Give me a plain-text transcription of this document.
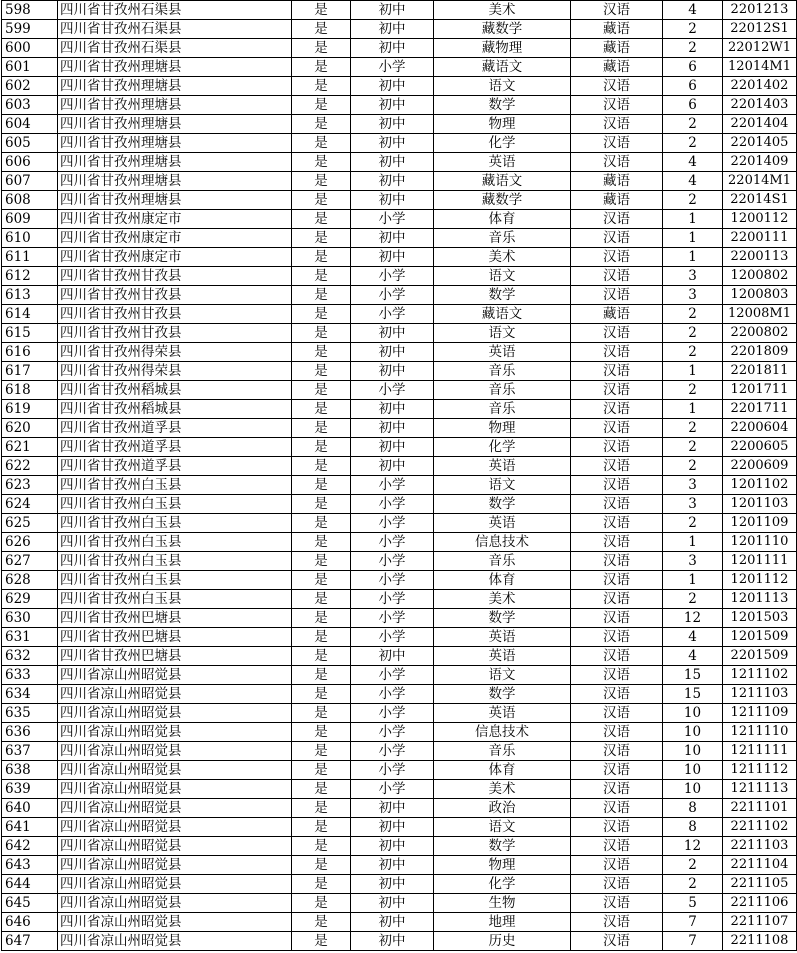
598	四川省甘孜州石渠县	是	初中	美术	汉语	4	2201213
599	四川省甘孜州石渠县	是	初中	藏数学	藏语	2	22012S1
600	四川省甘孜州石渠县	是	初中	藏物理	藏语	2	22012W1
601	四川省甘孜州理塘县	是	小学	藏语文	藏语	6	12014M1
602	四川省甘孜州理塘县	是	初中	语文	汉语	6	2201402
603	四川省甘孜州理塘县	是	初中	数学	汉语	6	2201403
604	四川省甘孜州理塘县	是	初中	物理	汉语	2	2201404
605	四川省甘孜州理塘县	是	初中	化学	汉语	2	2201405
606	四川省甘孜州理塘县	是	初中	英语	汉语	4	2201409
607	四川省甘孜州理塘县	是	初中	藏语文	藏语	4	22014M1
608	四川省甘孜州理塘县	是	初中	藏数学	藏语	2	22014S1
609	四川省甘孜州康定市	是	小学	体育	汉语	1	1200112
610	四川省甘孜州康定市	是	初中	音乐	汉语	1	2200111
611	四川省甘孜州康定市	是	初中	美术	汉语	1	2200113
612	四川省甘孜州甘孜县	是	小学	语文	汉语	3	1200802
613	四川省甘孜州甘孜县	是	小学	数学	汉语	3	1200803
614	四川省甘孜州甘孜县	是	小学	藏语文	藏语	2	12008M1
615	四川省甘孜州甘孜县	是	初中	语文	汉语	2	2200802
616	四川省甘孜州得荣县	是	初中	英语	汉语	2	2201809
617	四川省甘孜州得荣县	是	初中	音乐	汉语	1	2201811
618	四川省甘孜州稻城县	是	小学	音乐	汉语	2	1201711
619	四川省甘孜州稻城县	是	初中	音乐	汉语	1	2201711
620	四川省甘孜州道孚县	是	初中	物理	汉语	2	2200604
621	四川省甘孜州道孚县	是	初中	化学	汉语	2	2200605
622	四川省甘孜州道孚县	是	初中	英语	汉语	2	2200609
623	四川省甘孜州白玉县	是	小学	语文	汉语	3	1201102
624	四川省甘孜州白玉县	是	小学	数学	汉语	3	1201103
625	四川省甘孜州白玉县	是	小学	英语	汉语	2	1201109
626	四川省甘孜州白玉县	是	小学	信息技术	汉语	1	1201110
627	四川省甘孜州白玉县	是	小学	音乐	汉语	3	1201111
628	四川省甘孜州白玉县	是	小学	体育	汉语	1	1201112
629	四川省甘孜州白玉县	是	小学	美术	汉语	2	1201113
630	四川省甘孜州巴塘县	是	小学	数学	汉语	12	1201503
631	四川省甘孜州巴塘县	是	小学	英语	汉语	4	1201509
632	四川省甘孜州巴塘县	是	初中	英语	汉语	4	2201509
633	四川省凉山州昭觉县	是	小学	语文	汉语	15	1211102
634	四川省凉山州昭觉县	是	小学	数学	汉语	15	1211103
635	四川省凉山州昭觉县	是	小学	英语	汉语	10	1211109
636	四川省凉山州昭觉县	是	小学	信息技术	汉语	10	1211110
637	四川省凉山州昭觉县	是	小学	音乐	汉语	10	1211111
638	四川省凉山州昭觉县	是	小学	体育	汉语	10	1211112
639	四川省凉山州昭觉县	是	小学	美术	汉语	10	1211113
640	四川省凉山州昭觉县	是	初中	政治	汉语	8	2211101
641	四川省凉山州昭觉县	是	初中	语文	汉语	8	2211102
642	四川省凉山州昭觉县	是	初中	数学	汉语	12	2211103
643	四川省凉山州昭觉县	是	初中	物理	汉语	2	2211104
644	四川省凉山州昭觉县	是	初中	化学	汉语	2	2211105
645	四川省凉山州昭觉县	是	初中	生物	汉语	5	2211106
646	四川省凉山州昭觉县	是	初中	地理	汉语	7	2211107
647	四川省凉山州昭觉县	是	初中	历史	汉语	7	2211108
